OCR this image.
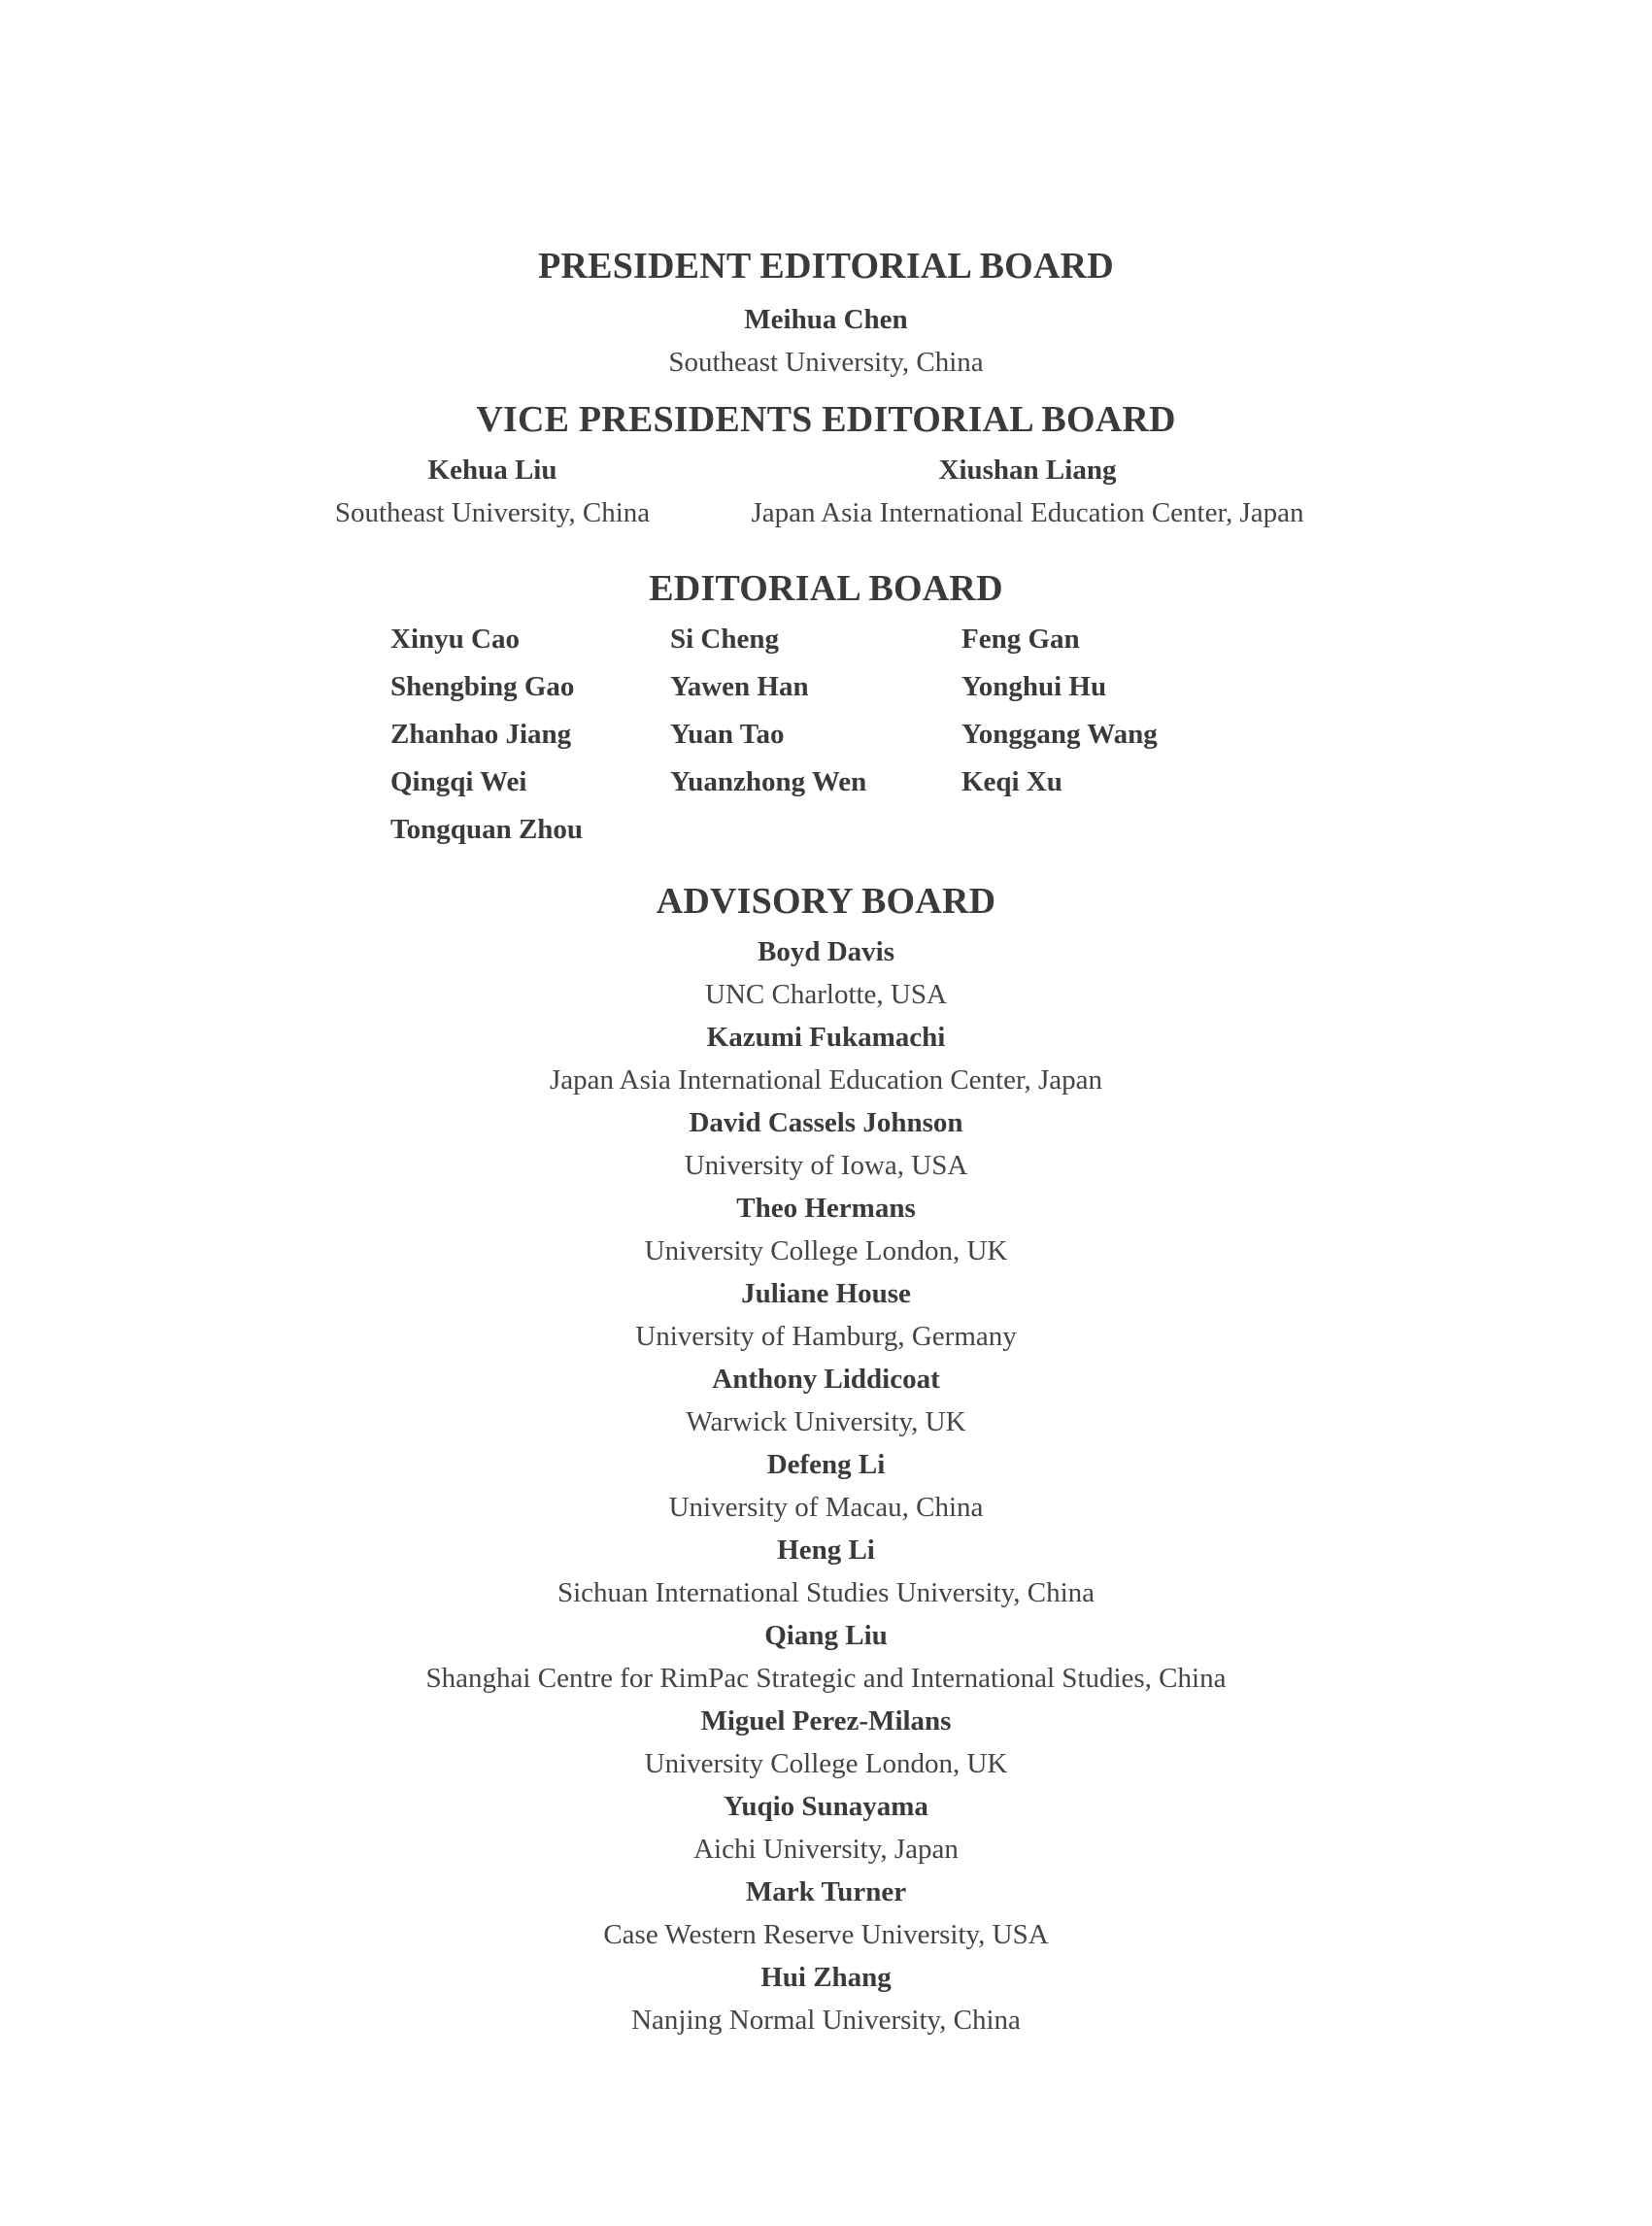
PRESIDENT EDITORIAL BOARD
Meihua Chen
Southeast University, China
VICE PRESIDENTS EDITORIAL BOARD
Kehua Liu
Southeast University, China
Xiushan Liang
Japan Asia International Education Center, Japan
EDITORIAL BOARD
Xinyu Cao	Si Cheng	Feng Gan
Shengbing Gao	Yawen Han	Yonghui Hu
Zhanhao Jiang	Yuan Tao	Yonggang Wang
Qingqi Wei	Yuanzhong Wen	Keqi Xu
Tongquan Zhou
ADVISORY BOARD
Boyd Davis
UNC Charlotte, USA
Kazumi Fukamachi
Japan Asia International Education Center, Japan
David Cassels Johnson
University of Iowa, USA
Theo Hermans
University College London, UK
Juliane House
University of Hamburg, Germany
Anthony Liddicoat
Warwick University, UK
Defeng Li
University of Macau, China
Heng Li
Sichuan International Studies University, China
Qiang Liu
Shanghai Centre for RimPac Strategic and International Studies, China
Miguel Perez-Milans
University College London, UK
Yuqio Sunayama
Aichi University, Japan
Mark Turner
Case Western Reserve University, USA
Hui Zhang
Nanjing Normal University, China
